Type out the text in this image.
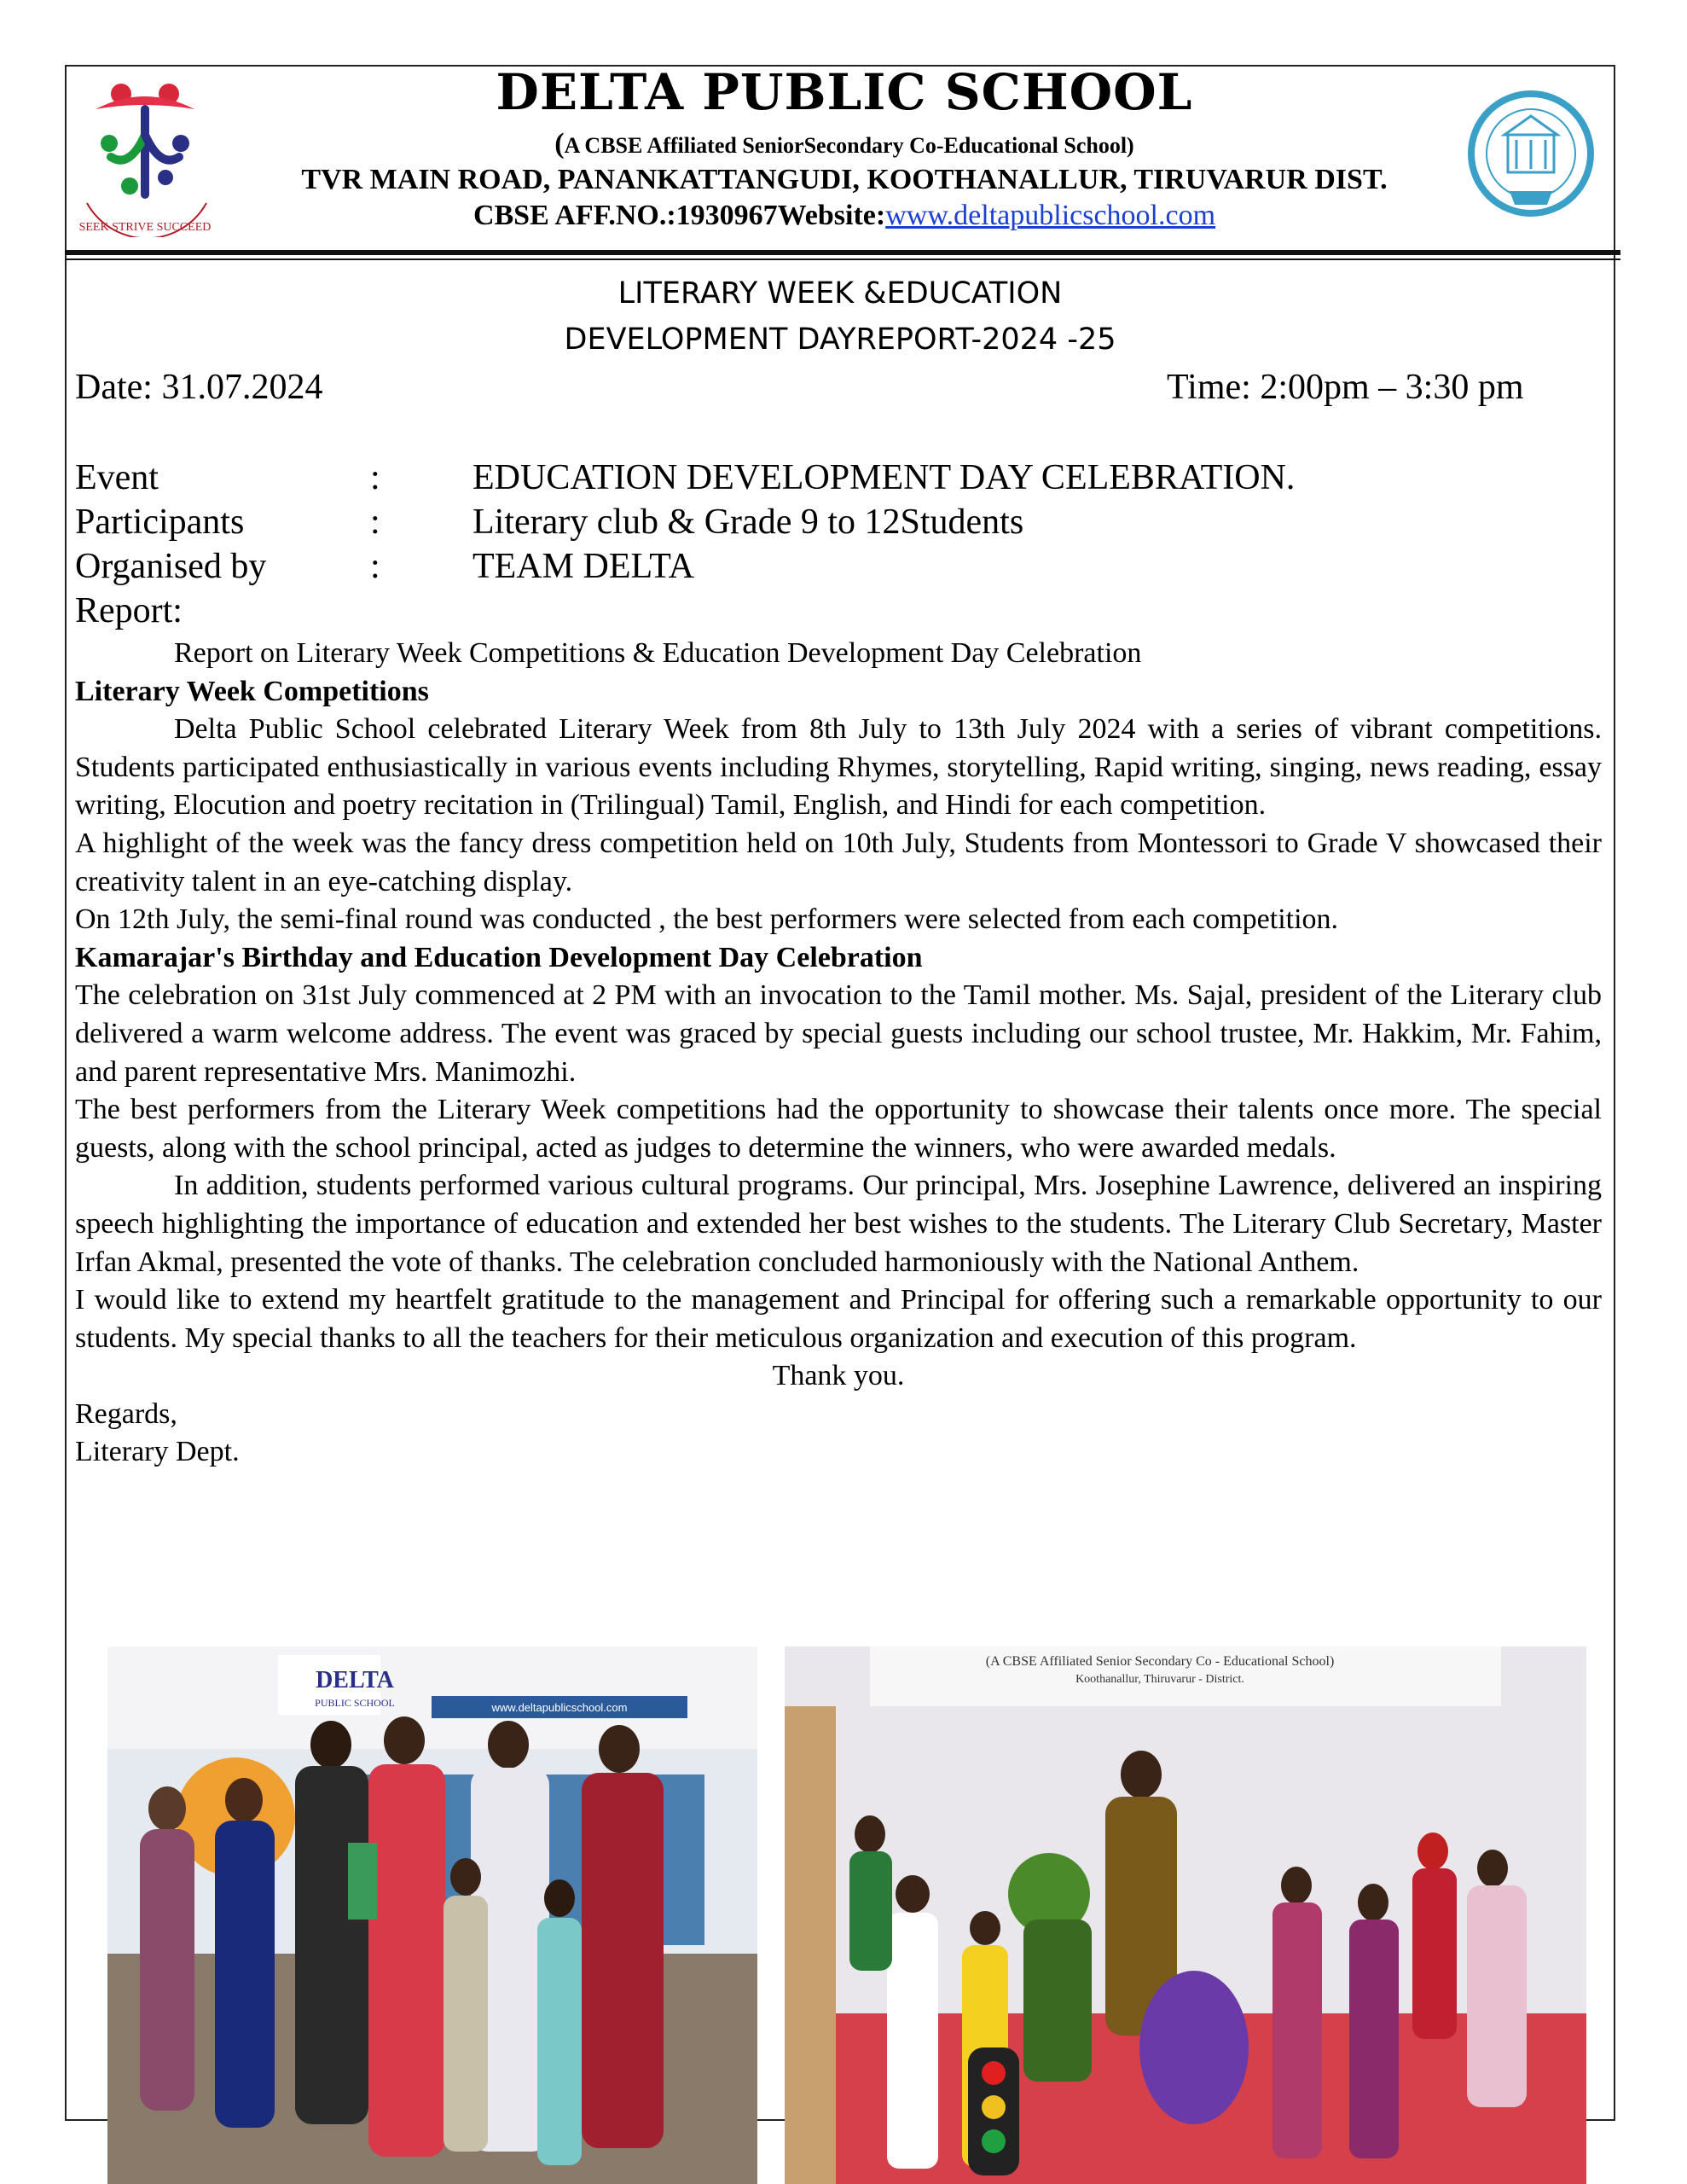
SEEK STRIVE SUCCEED
DELTA PUBLIC SCHOOL
(A CBSE Affiliated SeniorSecondary Co-Educational School)
TVR MAIN ROAD, PANANKATTANGUDI, KOOTHANALLUR, TIRUVARUR DIST.
CBSE AFF.NO.:1930967Website:www.deltapublicschool.com
LITERARY WEEK &EDUCATION
DEVELOPMENT DAYREPORT-2024 -25
Date: 31.07.2024	Time: 2:00pm – 3:30 pm
Event	:	EDUCATION DEVELOPMENT DAY CELEBRATION.
Participants	:	Literary club & Grade 9 to 12Students
Organised by	:	TEAM DELTA
Report:

Report on Literary Week Competitions & Education Development Day Celebration

Literary Week Competitions

Delta Public School celebrated Literary Week from 8th July to 13th July 2024 with a series of vibrant competitions. Students participated enthusiastically in various events including Rhymes, storytelling, Rapid writing, singing, news reading, essay writing, Elocution and poetry recitation in (Trilingual) Tamil, English, and Hindi for each competition.

A highlight of the week was the fancy dress competition held on 10th July, Students from Montessori to Grade V showcased their creativity talent in an eye-catching display.

On 12th July, the semi-final round was conducted , the best performers were selected from each competition.

Kamarajar's Birthday and Education Development Day Celebration

The celebration on 31st July commenced at 2 PM with an invocation to the Tamil mother. Ms. Sajal, president of the Literary club delivered a warm welcome address. The event was graced by special guests including our school trustee, Mr. Hakkim, Mr. Fahim, and parent representative Mrs. Manimozhi.

The best performers from the Literary Week competitions had the opportunity to showcase their talents once more. The special guests, along with the school principal, acted as judges to determine the winners, who were awarded medals.

In addition, students performed various cultural programs. Our principal, Mrs. Josephine Lawrence, delivered an inspiring speech highlighting the importance of education and extended her best wishes to the students. The Literary Club Secretary, Master Irfan Akmal, presented the vote of thanks. The celebration concluded harmoniously with the National Anthem.

I would like to extend my heartfelt gratitude to the management and Principal for offering such a remarkable opportunity to our students. My special thanks to all the teachers for their meticulous organization and execution of this program.

Thank you.

Regards,

Literary Dept.

DELTA
PUBLIC SCHOOL	www.deltapublicschool.com
(A CBSE Affiliated Senior Secondary Co - Educational School)
Koothanallur, Thiruvarur - District.
